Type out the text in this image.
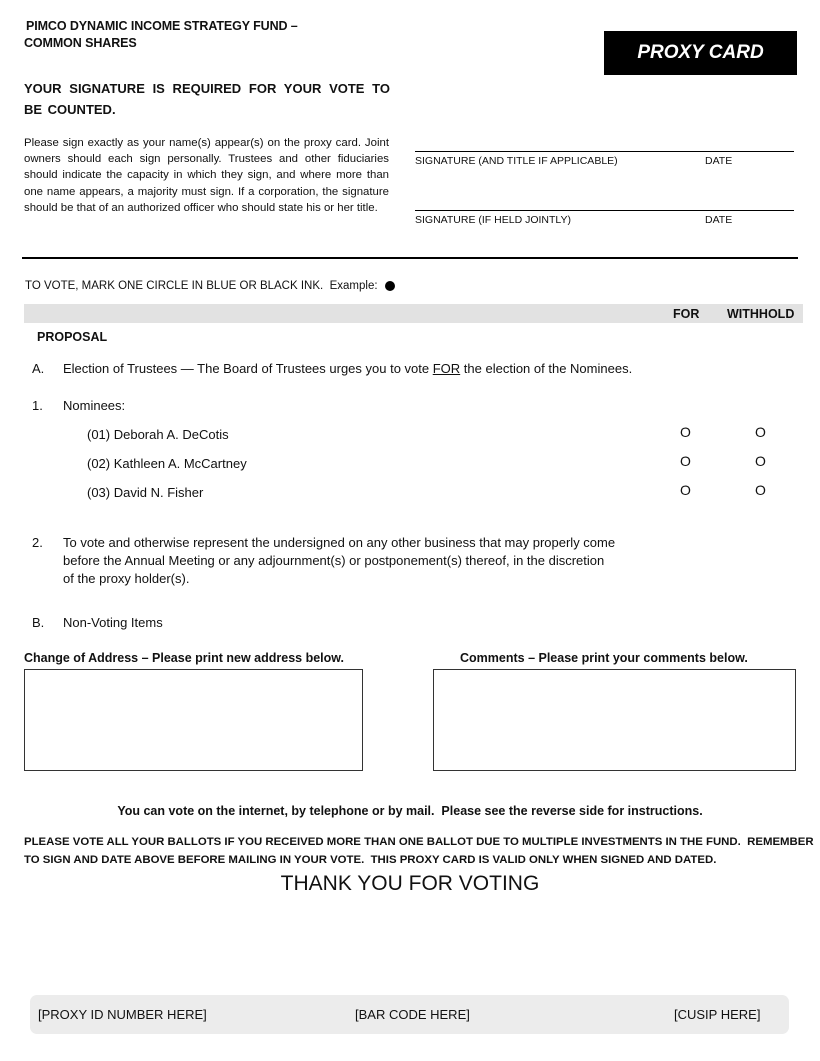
PIMCO DYNAMIC INCOME STRATEGY FUND –
COMMON SHARES	PROXY CARD
YOUR SIGNATURE IS REQUIRED FOR YOUR VOTE TO BE COUNTED.
Please sign exactly as your name(s) appear(s) on the proxy card. Joint owners should each sign personally. Trustees and other fiduciaries should indicate the capacity in which they sign, and where more than one name appears, a majority must sign. If a corporation, the signature should be that of an authorized officer who should state his or her title.
SIGNATURE (AND TITLE IF APPLICABLE)	DATE
SIGNATURE (IF HELD JOINTLY)	DATE
TO VOTE, MARK ONE CIRCLE IN BLUE OR BLACK INK.  Example:
FOR WITHHOLD
PROPOSAL
A. Election of Trustees — The Board of Trustees urges you to vote FOR the election of the Nominees.
1. Nominees:
(01) Deborah A. DeCotis	O	O
(02) Kathleen A. McCartney	O	O
(03) David N. Fisher	O	O
2. To vote and otherwise represent the undersigned on any other business that may properly come
before the Annual Meeting or any adjournment(s) or postponement(s) thereof, in the discretion
of the proxy holder(s).
B. Non-Voting Items
Change of Address – Please print new address below.	Comments – Please print your comments below.
You can vote on the internet, by telephone or by mail.  Please see the reverse side for instructions.
PLEASE VOTE ALL YOUR BALLOTS IF YOU RECEIVED MORE THAN ONE BALLOT DUE TO MULTIPLE INVESTMENTS IN THE FUND.  REMEMBER
TO SIGN AND DATE ABOVE BEFORE MAILING IN YOUR VOTE.  THIS PROXY CARD IS VALID ONLY WHEN SIGNED AND DATED.
THANK YOU FOR VOTING
[PROXY ID NUMBER HERE]	[BAR CODE HERE]	[CUSIP HERE]
